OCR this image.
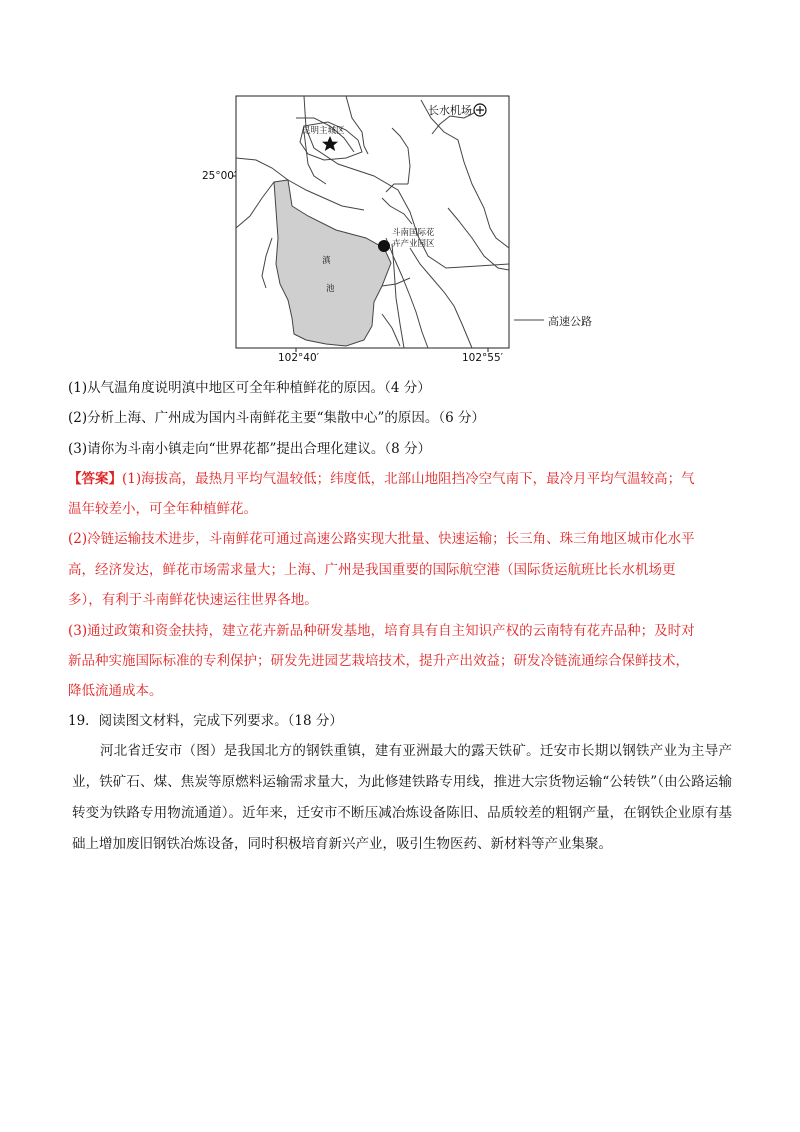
长水机场
昆明主城区
斗南国际花
卉产业园区
滇
池
高速公路
25°00′
102°40′	102°55′
(1)从气温角度说明滇中地区可全年种植鲜花的原因。（4 分）
(2)分析上海、广州成为国内斗南鲜花主要“集散中心”的原因。（6 分）
(3)请你为斗南小镇走向“世界花都”提出合理化建议。（8 分）
【答案】(1)海拔高，最热月平均气温较低；纬度低，北部山地阻挡冷空气南下，最冷月平均气温较高；气
温年较差小，可全年种植鲜花。
(2)冷链运输技术进步，斗南鲜花可通过高速公路实现大批量、快速运输；长三角、珠三角地区城市化水平
高，经济发达，鲜花市场需求量大；上海、广州是我国重要的国际航空港（国际货运航班比长水机场更
多），有利于斗南鲜花快速运往世界各地。
(3)通过政策和资金扶持，建立花卉新品种研发基地，培育具有自主知识产权的云南特有花卉品种；及时对
新品种实施国际标准的专利保护；研发先进园艺栽培技术，提升产出效益；研发冷链流通综合保鲜技术，
降低流通成本。
19．阅读图文材料，完成下列要求。（18 分）
河北省迁安市（图）是我国北方的钢铁重镇，建有亚洲最大的露天铁矿。迁安市长期以钢铁产业为主导产业，铁矿石、煤、焦炭等原燃料运输需求量大，为此修建铁路专用线，推进大宗货物运输“公转铁”（由公路运输转变为铁路专用物流通道）。近年来，迁安市不断压减冶炼设备陈旧、品质较差的粗钢产量，在钢铁企业原有基础上增加废旧钢铁冶炼设备，同时积极培育新兴产业，吸引生物医药、新材料等产业集聚。
